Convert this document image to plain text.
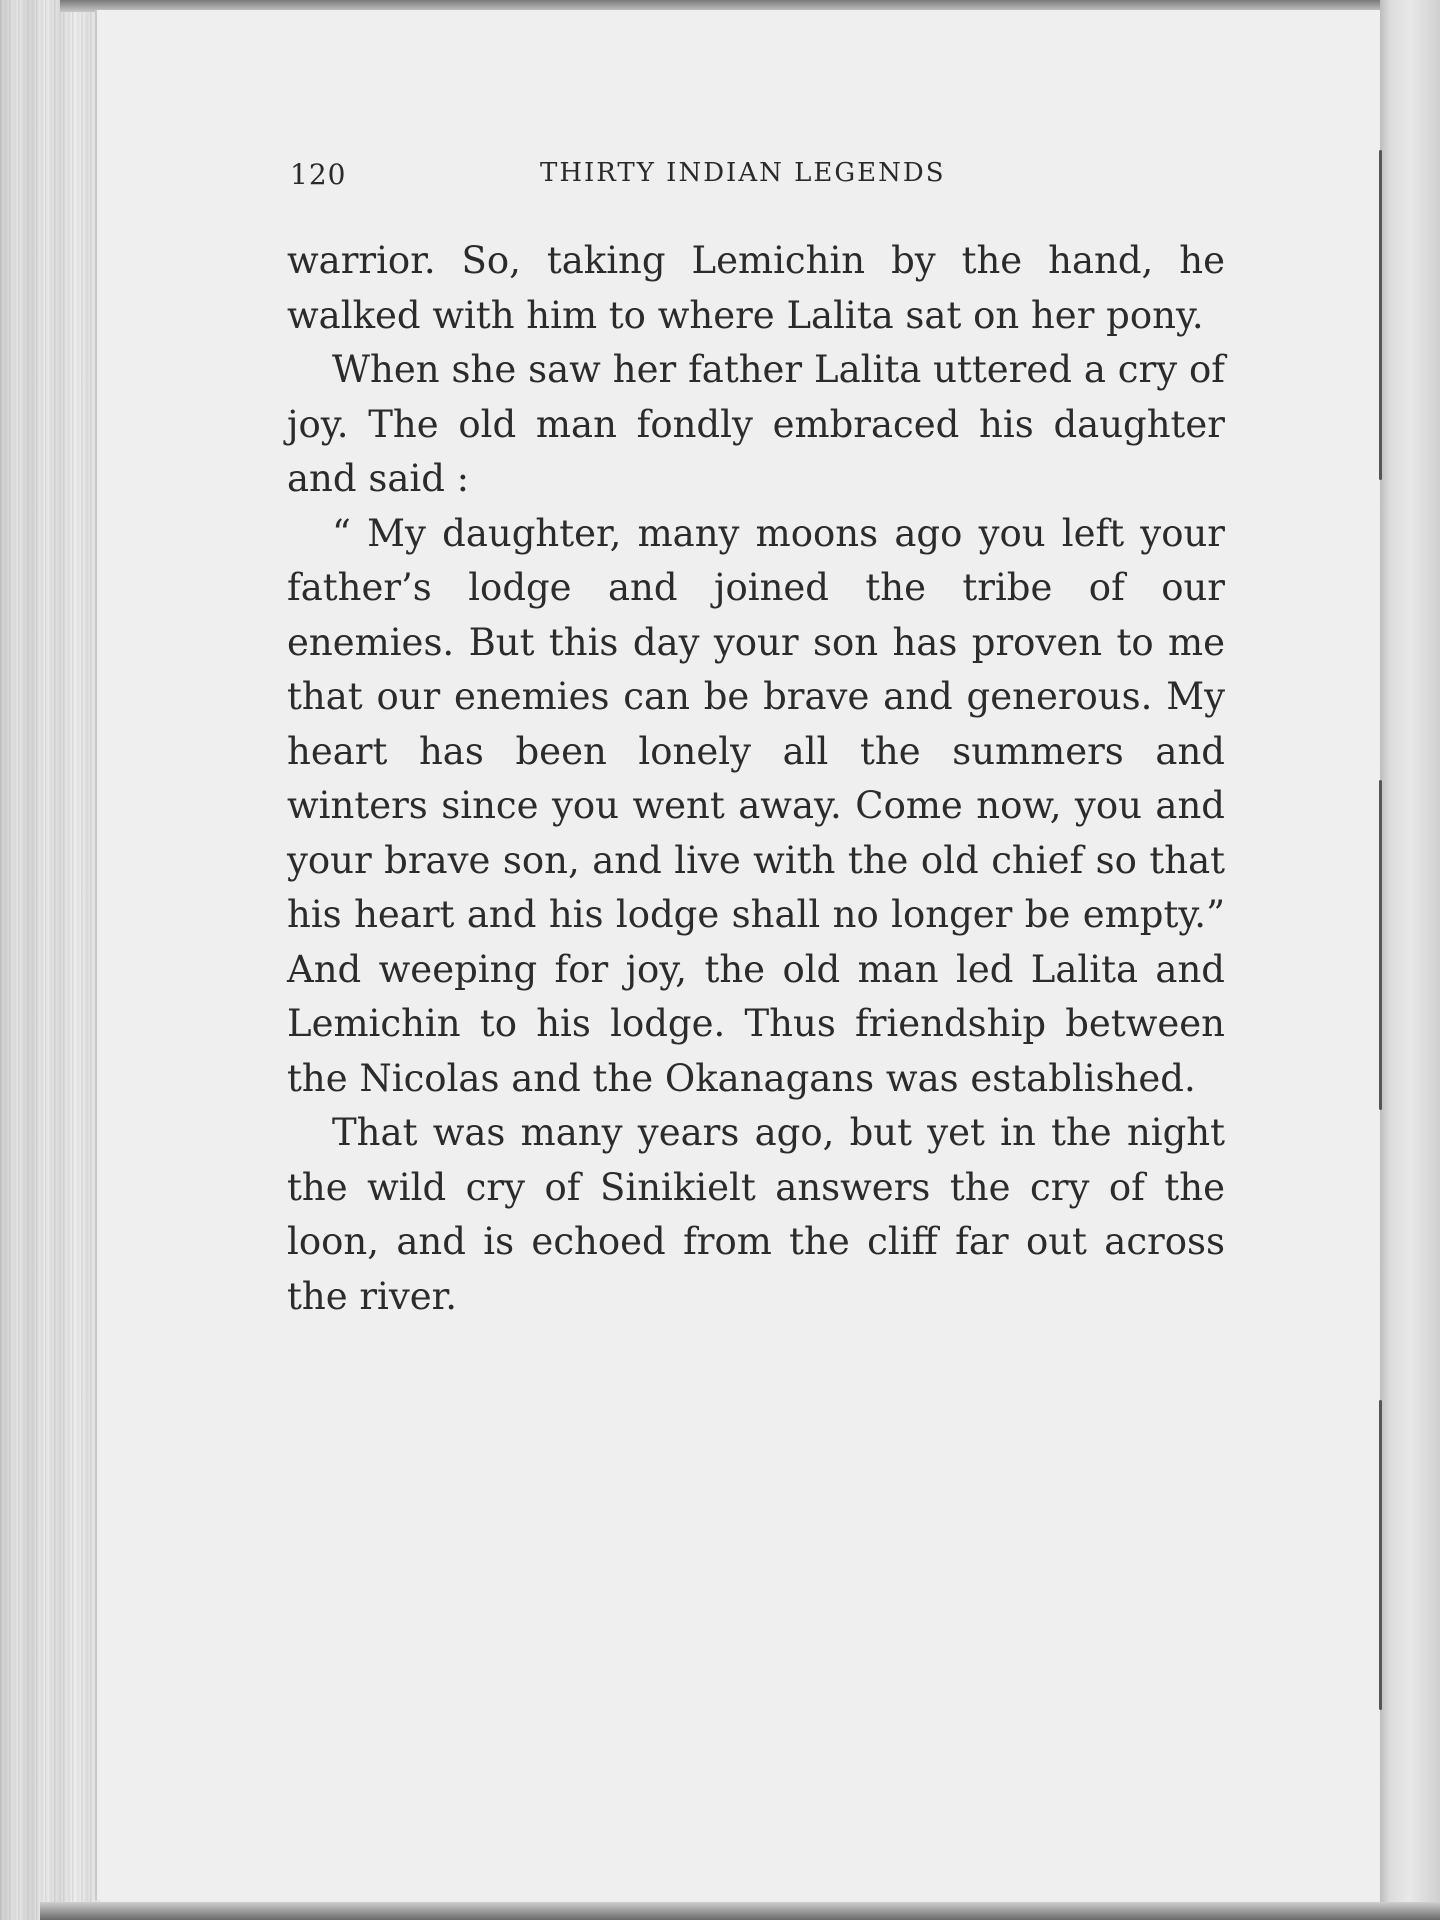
120	THIRTY INDIAN LEGENDS

warrior. So, taking Lemichin by the hand, he walked with him to where Lalita sat on her pony.

When she saw her father Lalita uttered a cry of joy. The old man fondly embraced his daughter and said :

“ My daughter, many moons ago you left your father’s lodge and joined the tribe of our enemies. But this day your son has proven to me that our enemies can be brave and generous. My heart has been lonely all the summers and winters since you went away. Come now, you and your brave son, and live with the old chief so that his heart and his lodge shall no longer be empty.” And weeping for joy, the old man led Lalita and Lemichin to his lodge. Thus friendship between the Nicolas and the Okanagans was established.

That was many years ago, but yet in the night the wild cry of Sinikielt answers the cry of the loon, and is echoed from the cliff far out across the river.
